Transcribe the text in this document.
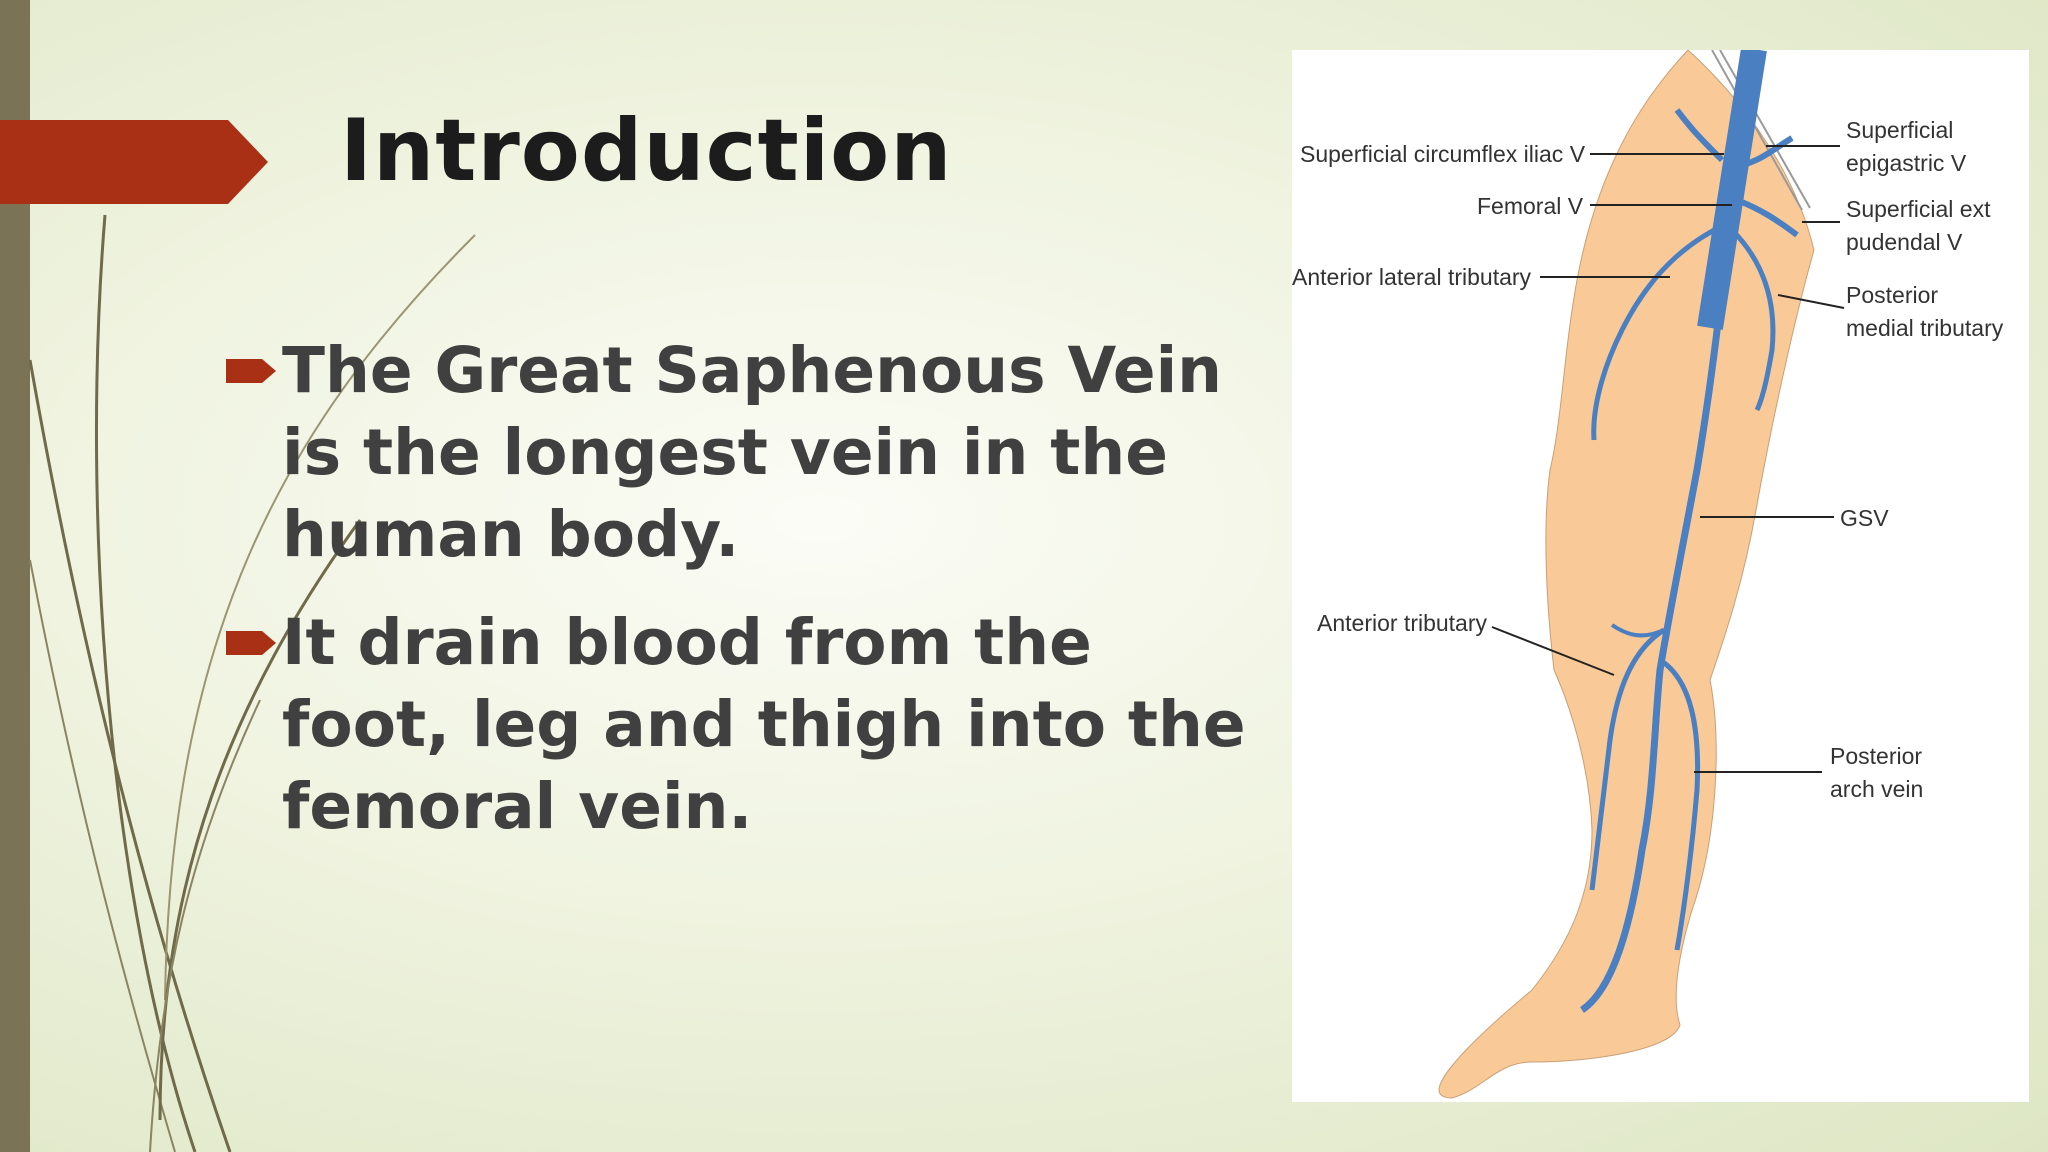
Introduction
The Great Saphenous Vein is the longest vein in the human body.
It drain blood from the foot, leg and thigh into the femoral vein.
Superficial circumflex iliac V
Femoral V
Anterior lateral tributary
Anterior tributary
Superficial
epigastric V
Superficial ext
pudendal V
Posterior
medial tributary
GSV
Posterior
arch vein
